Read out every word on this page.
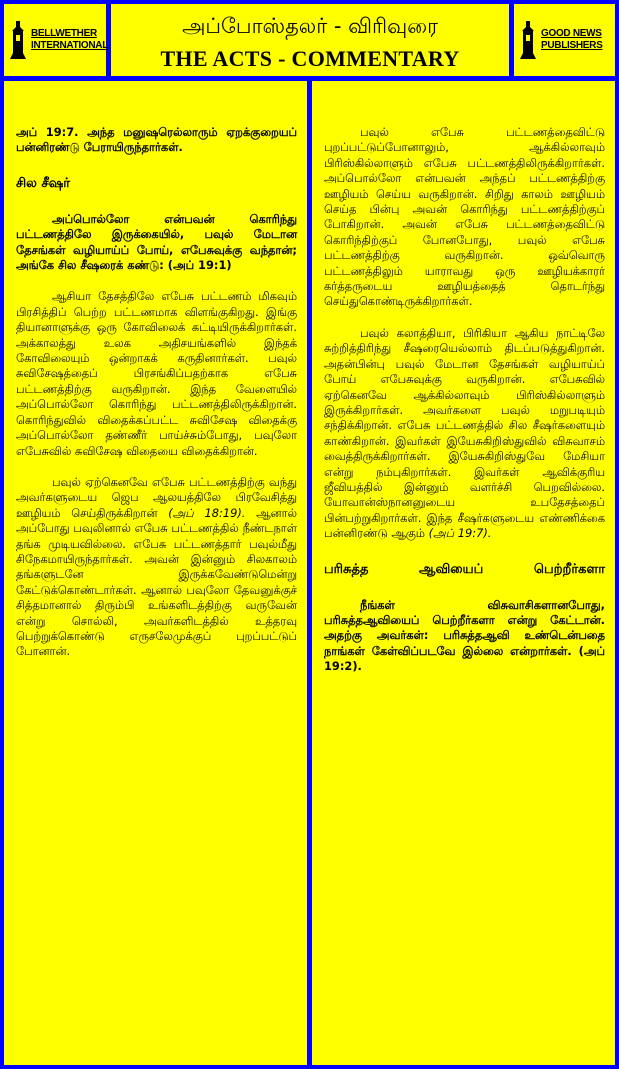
BELLWETHER
INTERNATIONAL
அப்போஸ்தலர் - விரிவுரை
THE ACTS - COMMENTARY
GOOD NEWS
PUBLISHERS

அப் 19:7. அந்த மனுஷரெல்லாரும் ஏறக்குறையப் பன்னிரண்டு பேராயிருந்தார்கள்.

சில சீஷர்

அப்பொல்லோ என்பவன் கொரிந்து பட்டணத்திலே இருக்கையில், பவுல் மேடான தேசங்கள் வழியாய்ப் போய், எபேசுவுக்கு வந்தான்; அங்கே சில சீஷரைக் கண்டு: (அப் 19:1)

ஆசியா தேசத்திலே எபேசு பட்டணம் மிகவும் பிரசித்திப் பெற்ற பட்டணமாக விளங்குகிறது. இங்கு தியானாளுக்கு ஒரு கோவிலைக் கட்டியிருக்கிறார்கள். அக்காலத்து உலக அதிசயங்களில் இந்தக் கோவிலையும் ஒன்றாகக் கருதினார்கள். பவுல் சுவிசேஷத்தைப் பிரசங்கிப்பதற்காக எபேசு பட்டணத்திற்கு வருகிறான். இந்த வேளையில் அப்பொல்லோ கொரிந்து பட்டணத்திலிருக்கிறான். கொரிந்துவில் விதைக்கப்பட்ட சுவிசேஷ விதைக்கு அப்பொல்லோ தண்ணீர் பாய்ச்சும்போது, பவுலோ எபேசுவில் சுவிசேஷ விதையை விதைக்கிறான்.

பவுல் ஏற்கெனவே எபேசு பட்டணத்திற்கு வந்து அவர்களுடைய ஜெப ஆலயத்திலே பிரவேசித்து ஊழியம் செய்திருக்கிறான் (அப் 18:19). ஆனால் அப்போது பவுலினால் எபேசு பட்டணத்தில் நீண்டநாள் தங்க முடியவில்லை. எபேசு பட்டணத்தார் பவுல்மீது சிநேகமாயிருந்தார்கள். அவன் இன்னும் சிலகாலம் தங்களுடனே இருக்கவேண்டுமென்று கேட்டுக்கொண்டார்கள். ஆனால் பவுலோ தேவனுக்குச் சித்தமானால் திரும்பி உங்களிடத்திற்கு வருவேன் என்று சொல்லி, அவர்களிடத்தில் உத்தரவு பெற்றுக்கொண்டு எருசலேமுக்குப் புறப்பட்டுப் போனான்.

பவுல் எபேசு பட்டணத்தைவிட்டு புறப்பட்டுப்போனாலும், ஆக்கில்லாவும் பிரிஸ்கில்லாளும் எபேசு பட்டணத்திலிருக்கிறார்கள். அப்பொல்லோ என்பவன் அந்தப் பட்டணத்திற்கு ஊழியம் செய்ய வருகிறான். சிறிது காலம் ஊழியம் செய்த பின்பு அவன் கொரிந்து பட்டணத்திற்குப் போகிறான். அவன் எபேசு பட்டணத்தைவிட்டு கொரிந்திற்குப் போனபோது, பவுல் எபேசு பட்டணத்திற்கு வருகிறான். ஒவ்வொரு பட்டணத்திலும் யாராவது ஒரு ஊழியக்காரர் கர்த்தருடைய ஊழியத்தைத் தொடர்ந்து செய்துகொண்டிருக்கிறார்கள்.

பவுல் கலாத்தியா, பிரிகியா ஆகிய நாட்டிலே சுற்றித்திரிந்து சீஷரையெல்லாம் திடப்படுத்துகிறான். அதன்பின்பு பவுல் மேடான தேசங்கள் வழியாய்ப் போய் எபேசுவுக்கு வருகிறான். எபேசுவில் ஏற்கெனவே ஆக்கில்லாவும் பிரிஸ்கில்லாளும் இருக்கிறார்கள். அவர்களை பவுல் மறுபடியும் சந்திக்கிறான். எபேசு பட்டணத்தில் சில சீஷர்களையும் காண்கிறான். இவர்கள் இயேசுகிறிஸ்துவில் விசுவாசம் வைத்திருக்கிறார்கள். இயேசுகிறிஸ்துவே மேசியா என்று நம்புகிறார்கள். இவர்கள் ஆவிக்குரிய ஜீவியத்தில் இன்னும் வளர்ச்சி பெறவில்லை. யோவான்ஸ்நானனுடைய உபதேசத்தைப் பின்பற்றுகிறார்கள். இந்த சீஷர்களுடைய எண்ணிக்கை பன்னிரண்டு ஆகும் (அப் 19:7).

பரிசுத்த ஆவியைப் பெற்றீர்களா

நீங்கள் விசுவாசிகளானபோது, பரிசுத்தஆவியைப் பெற்றீர்களா என்று கேட்டான். அதற்கு அவர்கள்: பரிசுத்தஆவி உண்டென்பதை நாங்கள் கேள்விப்படவே இல்லை என்றார்கள். (அப் 19:2).
